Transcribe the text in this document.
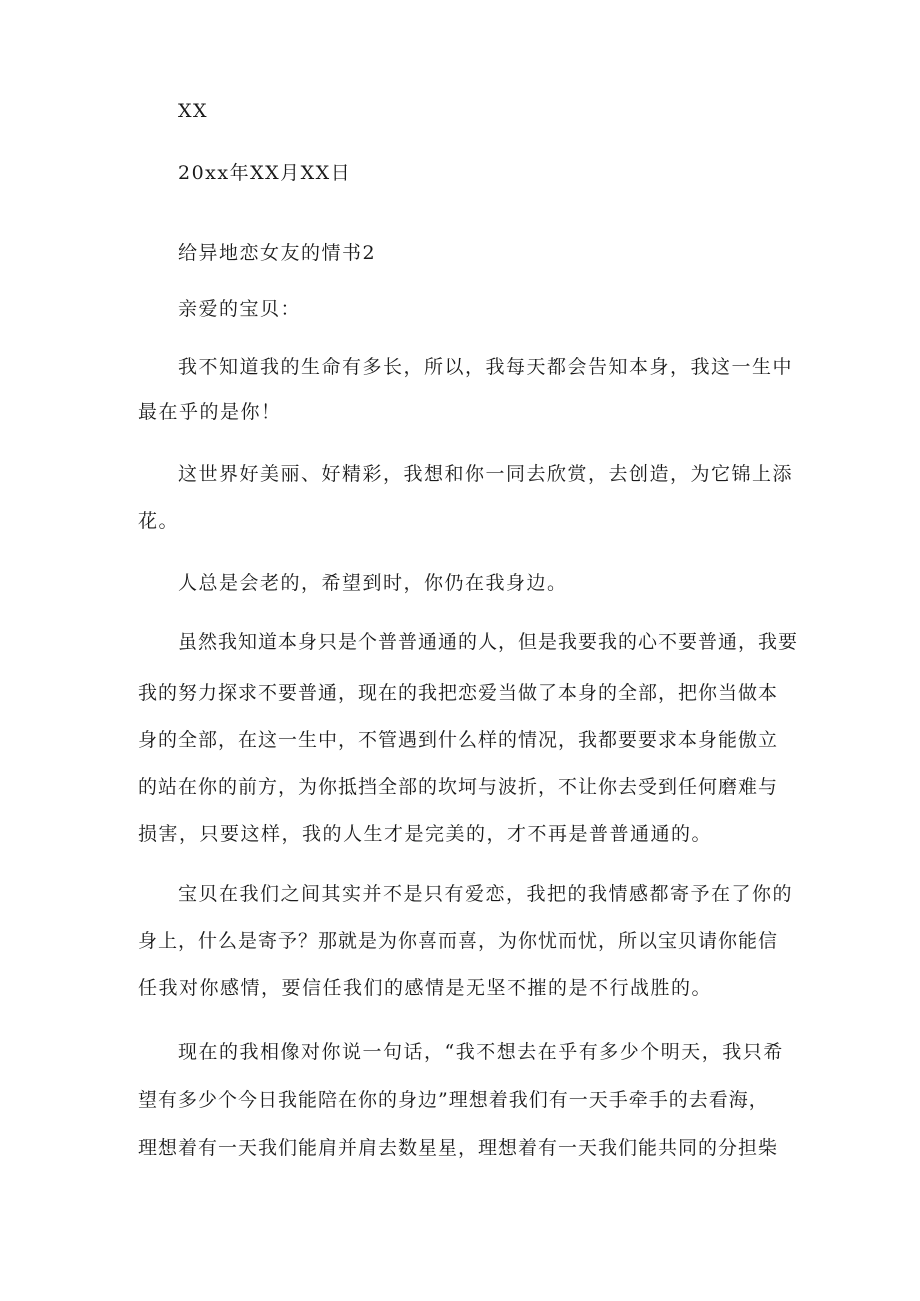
XX
20xx年XX月XX日
给异地恋女友的情书2
亲爱的宝贝：
我不知道我的生命有多长，所以，我每天都会告知本身，我这一生中
最在乎的是你！
这世界好美丽、好精彩，我想和你一同去欣赏，去创造，为它锦上添
花。
人总是会老的，希望到时，你仍在我身边。
虽然我知道本身只是个普普通通的人，但是我要我的心不要普通，我要
我的努力探求不要普通，现在的我把恋爱当做了本身的全部，把你当做本
身的全部，在这一生中，不管遇到什么样的情况，我都要要求本身能傲立
的站在你的前方，为你抵挡全部的坎坷与波折，不让你去受到任何磨难与
损害，只要这样，我的人生才是完美的，才不再是普普通通的。
宝贝在我们之间其实并不是只有爱恋，我把的我情感都寄予在了你的
身上，什么是寄予？那就是为你喜而喜，为你忧而忧，所以宝贝请你能信
任我对你感情，要信任我们的感情是无坚不摧的是不行战胜的。
现在的我相像对你说一句话，“我不想去在乎有多少个明天，我只希
望有多少个今日我能陪在你的身边”理想着我们有一天手牵手的去看海，
理想着有一天我们能肩并肩去数星星，理想着有一天我们能共同的分担柴
